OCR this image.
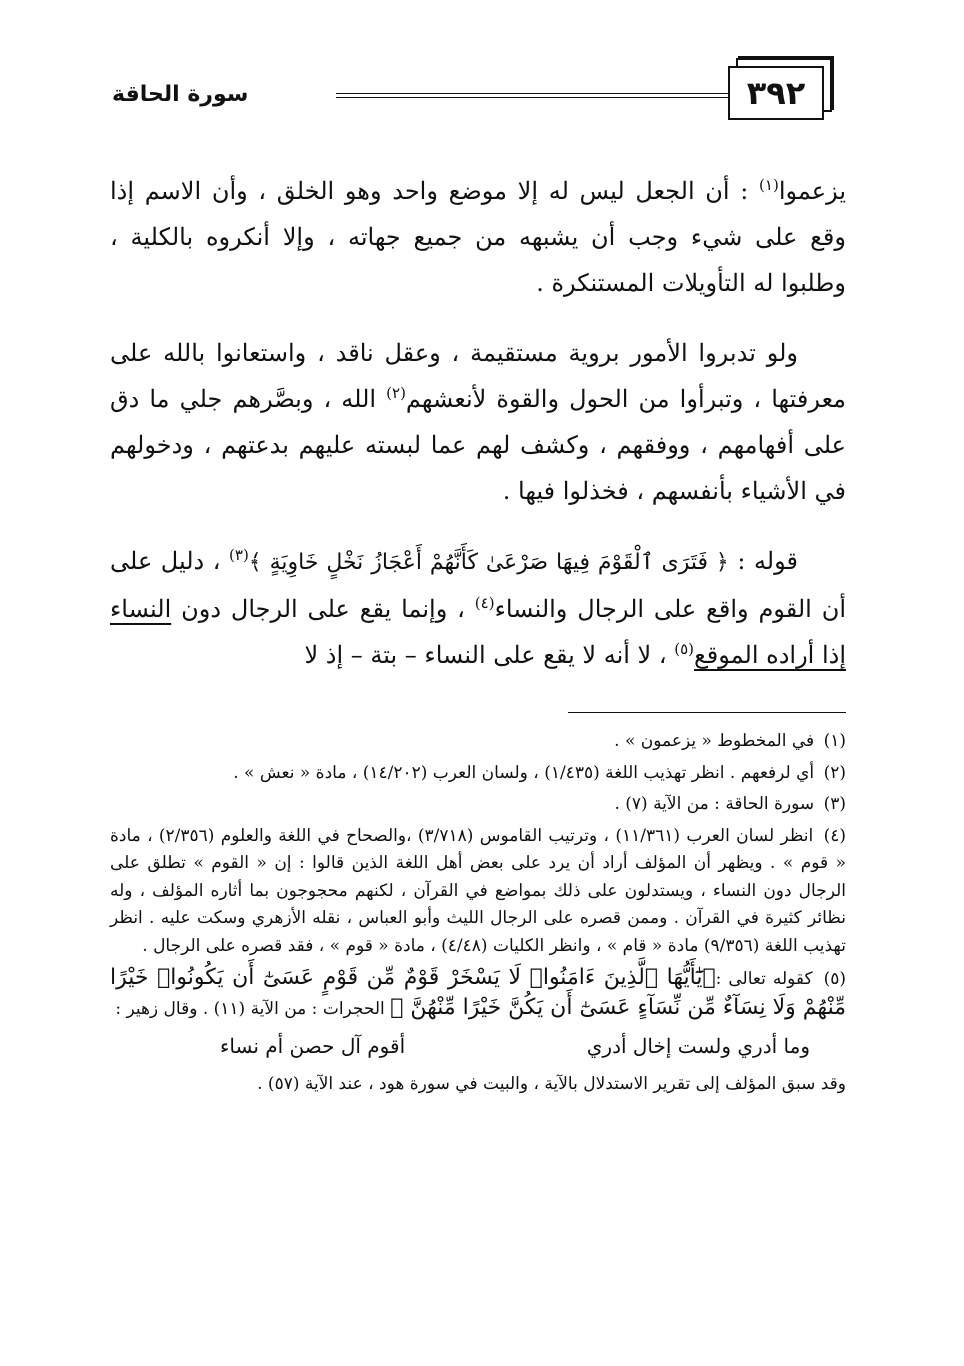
٣٩٢
سورة الحاقة

يزعموا$^{(١)}$ : أن الجعل ليس له إلا موضع واحد وهو الخلق ، وأن الاسم إذا وقع على شيء وجب أن يشبهه من جميع جهاته ، وإلا أنكروه بالكلية ، وطلبوا له التأويلات المستنكرة .

ولو تدبروا الأمور بروية مستقيمة ، وعقل ناقد ، واستعانوا بالله على معرفتها ، وتبرأوا من الحول والقوة لأنعشهم$^{(٢)}$ الله ، وبصَّرهم جلي ما دق على أفهامهم ، ووفقهم ، وكشف لهم عما لبسته عليهم بدعتهم ، ودخولهم في الأشياء بأنفسهم ، فخذلوا فيها .

قوله : ﴿ فَتَرَى ٱلْقَوْمَ فِيهَا صَرْعَىٰ كَأَنَّهُمْ أَعْجَازُ نَخْلٍ خَاوِيَةٍ ﴾$^{(٣)}$ ، دليل على أن القوم واقع على الرجال والنساء$^{(٤)}$ ، وإنما يقع على الرجال دون النساء إذا أراده الموقع$^{(٥)}$ ، لا أنه لا يقع على النساء – بتة – إذ لا

(١) في المخطوط « يزعمون » .

(٢) أي لرفعهم . انظر تهذيب اللغة (١/٤٣٥) ، ولسان العرب (١٤/٢٠٢) ، مادة « نعش » .

(٣) سورة الحاقة : من الآية (٧) .

(٤) انظر لسان العرب (١١/٣٦١) ، وترتيب القاموس (٣/٧١٨) ،والصحاح في اللغة والعلوم (٢/٣٥٦) ، مادة « قوم » . ويظهر أن المؤلف أراد أن يرد على بعض أهل اللغة الذين قالوا : إن « القوم » تطلق على الرجال دون النساء ، ويستدلون على ذلك بمواضع في القرآن ، لكنهم محجوجون بما أثاره المؤلف ، وله نظائر كثيرة في القرآن . وممن قصره على الرجال الليث وأبو العباس ، نقله الأزهري وسكت عليه . انظر تهذيب اللغة (٩/٣٥٦) مادة « قام » ، وانظر الكليات (٤/٤٨) ، مادة « قوم » ، فقد قصره على الرجال .

(٥) كقوله تعالى :﴿يَٰٓأَيُّهَا ٱلَّذِينَ ءَامَنُوا۟ لَا يَسْخَرْ قَوْمٌ مِّن قَوْمٍ عَسَىٰٓ أَن يَكُونُوا۟ خَيْرًا مِّنْهُمْ وَلَا نِسَآءٌ مِّن نِّسَآءٍ عَسَىٰٓ أَن يَكُنَّ خَيْرًا مِّنْهُنَّ ﴾ الحجرات : من الآية (١١) . وقال زهير :

وما أدري ولست إخال أدري
أقوم آل حصن أم نساء

وقد سبق المؤلف إلى تقرير الاستدلال بالآية ، والبيت في سورة هود ، عند الآية (٥٧) .
